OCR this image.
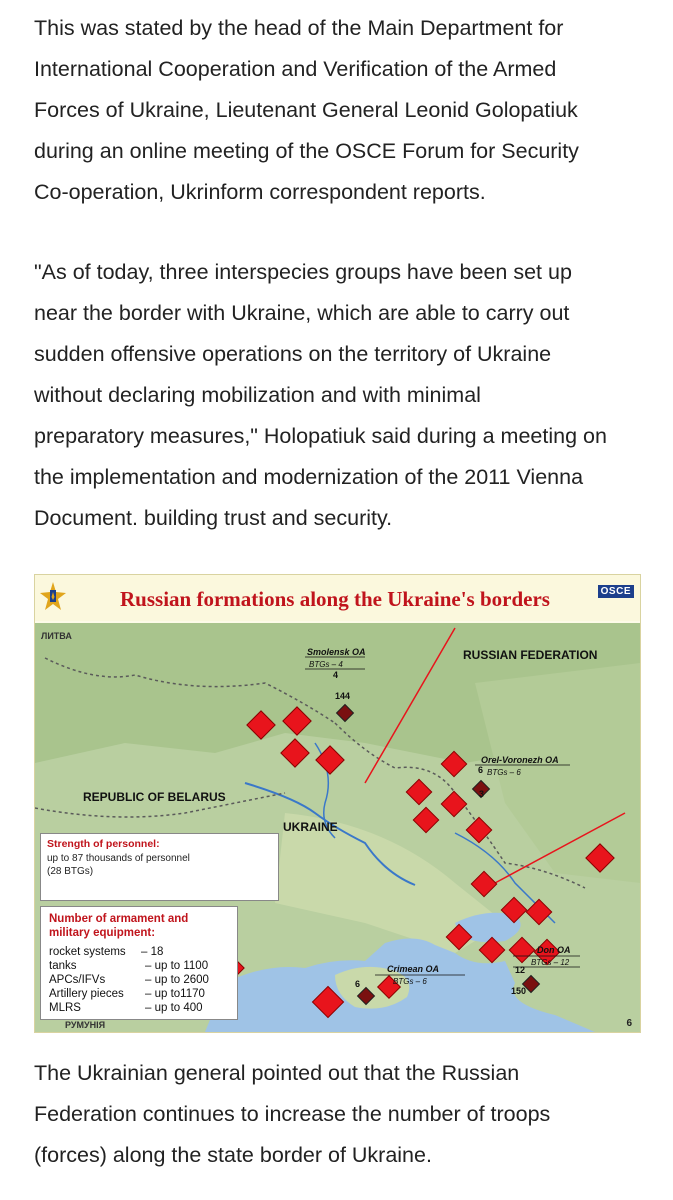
This was stated by the head of the Main Department for
International Cooperation and Verification of the Armed
Forces of Ukraine, Lieutenant General Leonid Golopatiuk
during an online meeting of the OSCE Forum for Security
Co-operation, Ukrinform correspondent reports.
"As of today, three interspecies groups have been set up
near the border with Ukraine, which are able to carry out
sudden offensive operations on the territory of Ukraine
without declaring mobilization and with minimal
preparatory measures," Holopatiuk said during a meeting on
the implementation and modernization of the 2011 Vienna
Document. building trust and security.
Russian formations along the Ukraine's borders	OSCE
ЛИТВА
РУМУНІЯ
REPUBLIC OF BELARUS
UKRAINE
RUSSIAN FEDERATION
Smolensk OA
BTGs – 4
4
144
Orel-Voronezh OA
BTGs – 6
6
3
Don OA
BTGs – 12
12
150
Crimean OA
BTGs – 6
6
Strength of personnel:
up to 87 thousands of personnel
(28 BTGs)
Number of armament and
military equipment:
rocket systems – 18
tanks	– up to 1100
APCs/IFVs	– up to 2600
Artillery pieces – up to1170
MLRS	– up to 400
6
The Ukrainian general pointed out that the Russian
Federation continues to increase the number of troops
(forces) along the state border of Ukraine.
